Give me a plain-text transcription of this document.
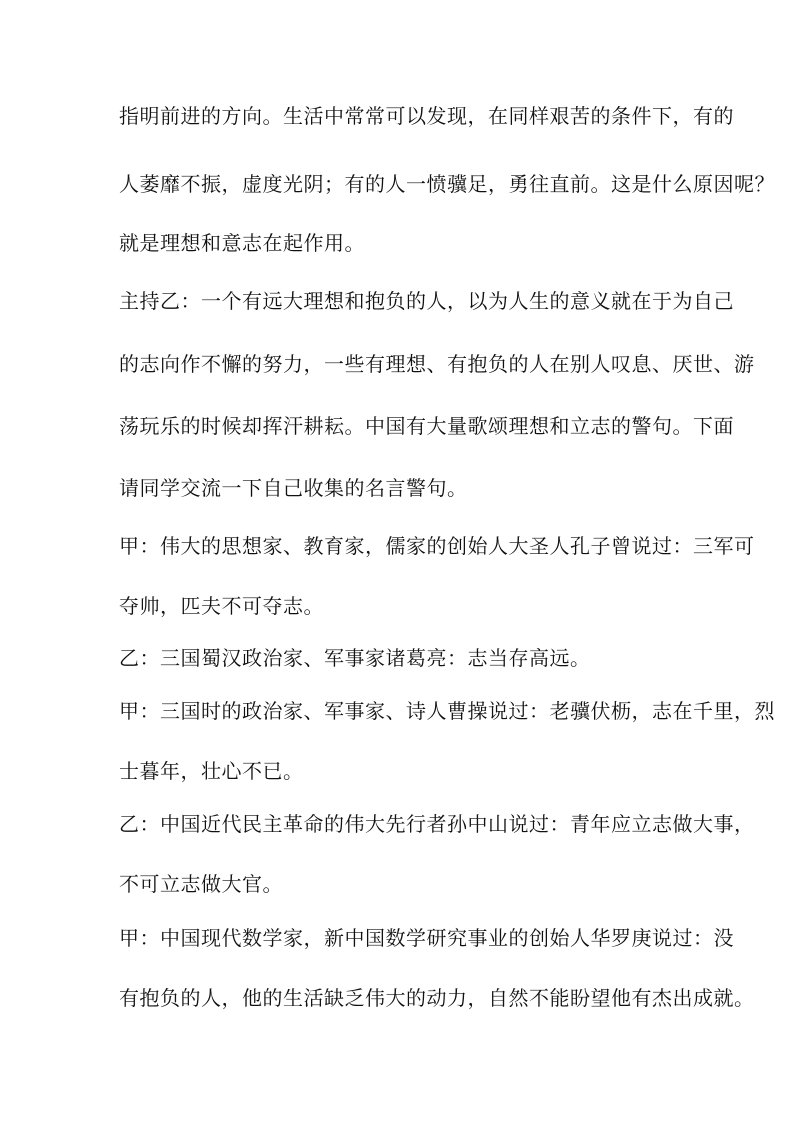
指明前进的方向。生活中常常可以发现，在同样艰苦的条件下，有的
人萎靡不振，虚度光阴；有的人一愤骥足，勇往直前。这是什么原因呢？
就是理想和意志在起作用。
主持乙：一个有远大理想和抱负的人，以为人生的意义就在于为自己
的志向作不懈的努力，一些有理想、有抱负的人在别人叹息、厌世、游
荡玩乐的时候却挥汗耕耘。中国有大量歌颂理想和立志的警句。下面
请同学交流一下自己收集的名言警句。
甲：伟大的思想家、教育家，儒家的创始人大圣人孔子曾说过：三军可
夺帅，匹夫不可夺志。
乙：三国蜀汉政治家、军事家诸葛亮：志当存高远。
甲：三国时的政治家、军事家、诗人曹操说过：老骥伏枥，志在千里，烈
士暮年，壮心不已。
乙：中国近代民主革命的伟大先行者孙中山说过：青年应立志做大事，
不可立志做大官。
甲：中国现代数学家，新中国数学研究事业的创始人华罗庚说过：没
有抱负的人，他的生活缺乏伟大的动力，自然不能盼望他有杰出成就。
